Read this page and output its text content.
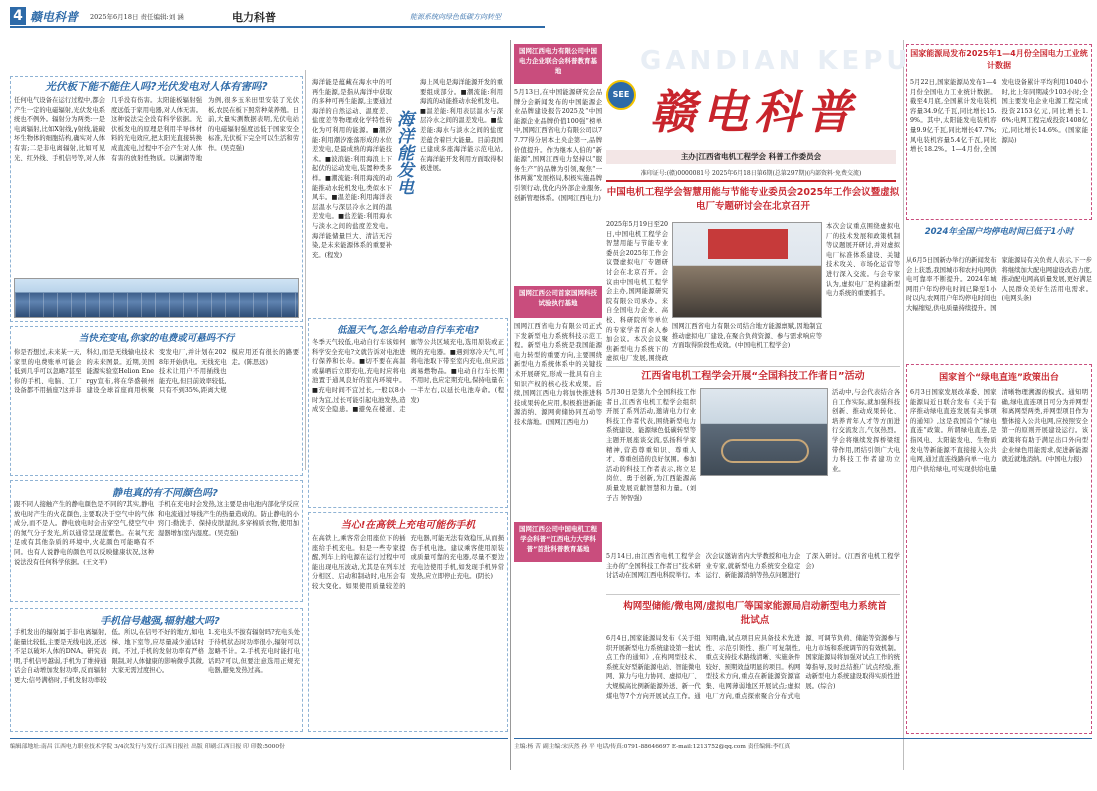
4 赣电科普 2025年6月18日 责任编辑:刘 涵	电力科普	能源系统向绿色低碳方向转型
光伏板下能不能住人吗?光伏发电对人体有害吗?
任何电气设备在运行过程中,都会产生一定的电磁辐射,光伏发电系统也不例外。辐射分为两类:一是电离辐射,比如X射线,γ射线,能破坏生物体的细胞结构,确实对人体有害;二是非电离辐射,比如可见光、红外线、手机信号等,对人体几乎没有伤害。太阳能板辐射强度远低于家用电器,对人体无害。这种说法完全没有科学依据。光伏板发电的原理是利用半导体材料的光电效应,把太阳光直接转换成直流电,过程中不会产生对人体有害的放射性物质。以澜湖等地为例,很多玉米田里安装了光伏板,农民在板下照常种菜养殖。日前,大量实测数据表明,光伏电站的电磁辐射强度远低于国家安全标准,光伏板下完全可以生活和劳作。(吴克强)	海洋能发电
海洋能是蕴藏在海水中的可再生能源,是指从海洋中获取的多种可再生能源,主要通过海洋的自然运动、温度差、盐度差等物理或化学特性转化为可利用的能源。■潮汐能:利用潮汐涨落形成的水位差发电,是最成熟的海洋能技术。■波浪能:利用海浪上下起伏的运动发电,装置种类多样。■潮流能:利用海流的动能推动水轮机发电,类似水下风车。■温差能:利用海洋表层温水与深层冷水之间的温差发电。■盐差能:利用海水与淡水之间的盐度差发电。海洋能储量巨大、清洁无污染,是未来能源体系的重要补充。(程发)
海上风电是海洋能源开发的重要组成部分。■潮流能:利用海流的动能推动水轮机发电。■温差能:利用表层温水与深层冷水之间的温差发电。■盐差能:海水与淡水之间的盐度差蕴含着巨大能量。目前我国已建成多座海洋能示范电站,在海洋能开发利用方面取得积极进展。
低温天气,怎么给电动自行车充电?
冬季天气较低,电动自行车该如何科学安全充电?文就告诉对电池进行保养和长寿。■切不要在高温或暴晒后立即充电,充电时应将电池置于通风良好的室内环境中。■充电时间不宜过长,一般以8小时为宜,过长可能引起电池发热,造成安全隐患。■避免在楼道、走廊等公共区域充电,选用原装或正规的充电器。■遇到寒冷天气,可将电池取下带至室内充电,但应远离易燃物品。■电动自行车长期不用时,也应定期充电,保持电量在一半左右,以延长电池寿命。(程发)
当快充变电,你家的电费或可悬吗不行
你是否想过,未来某一天,家里的电费账单可能会低到几乎可以忽略?甚至你的手机、电脑、工厂设备都不用插座?这并非科幻,而是无线输电技术的未来图景。近期,美国能源实验室Helion Energy宣布,将在华盛顿州建设全球首座商用核聚变发电厂,并计划在2028年开始供电。无线充电技术让用户不用插线也能充电,但目前效率较低,只有不到35%,距离大规模应用还有很长的路要走。(陈思远)
静电真的有不同颜色吗?
跟不同人接触产生的静电颜色是不同的?其实,静电放电时产生的火花颜色,主要取决于空气中的气体成分,而不是人。静电放电时会击穿空气,使空气中的氮气分子发光,所以通常呈现蓝紫色。在氧气充足或有其他杂质的环境中,火花颜色可能略有不同。也有人说静电的颜色可以反映健康状况,这种说法没有任何科学依据。(王文平)
手机在充电时会发热,这主要是由电池内部化学反应和电流通过导线产生的热量造成的。防止静电的小窍门:勤洗手、保持皮肤湿润,多穿棉质衣物,使用加湿器增加室内湿度。(吴克强)
手机信号越强,辐射越大吗?
手机发出的辐射属于非电离辐射,能量比较低,主要是无线电波,还远不足以破坏人体的DNA。研究表明,手机信号越弱,手机为了维持通话会自动增加发射功率,反而辐射更大;信号满格时,手机发射功率较低。所以,在信号不好的地方,如电梯、地下室等,应尽量减少通话时间。不过,手机的发射功率有严格限制,对人体健康的影响微乎其微,大家无需过度担心。
1.充电头不拔有辐射吗?充电头处于待机状态时功率很小,辐射可以忽略不计。2.手机充电时能打电话吗?可以,但要注意选用正规充电器,避免发热过高。
当心!在高铁上充电可能伤手机
在高铁上,乘客常会用座位下的插座给手机充电。但是一些专家提醒,列车上的电源在运行过程中可能出现电压波动,尤其是在列车过分相区、启动和制动时,电压会有较大变化。如果使用质量较差的充电器,可能无法有效稳压,从而损伤手机电池。建议乘客使用原装或质量可靠的充电器,尽量不要边充电边使用手机,如发现手机异常发热,应立即停止充电。(阴长)
编辑部地址:南昌 江西电力职业技术学院 3/4次发行与发行:江西日报社 出版 印刷:江西日报 印 印数:5000份
国网江西电力有限公司中国电力企业联合会科普教育基地	GANDIAN KEPU
SEE 赣电科普
主办|江西省电机工程学会 科普工作委员会
准印证号:(赣)0000081号 2025年6月18日第6期(总第297期)(内部资料·免费交流)
5月13日,在中国能源研究会品牌分会新闻发布的中国能源企业品牌建设报告2025及“中国能源企业品牌价值100强”榜单中,国网江西省电力有限公司以77.77得分居本土央企第一,品牌价值提升。作为继本人伯的“新能源”,国网江西电力坚持以“服务生产”的品牌为引领,聚焦“一体两翼”发展格局,积极实施品牌引领行动,优化内外部企业服务,创新管理体系。(国网江西电力)
国网江西公司首家国网科技试验执行基地
国网江西省电力有限公司正式下发新型电力系统科技示范工程。新型电力系统是我国能源电力转型的重要方向,主要围绕新型电力系统体系中的关键技术开展研究,形成一批具有自主知识产权的核心技术成果。后续,国网江西电力将加快推进科技成果转化应用,积极推进新能源消纳、源网荷储协同互动等技术落地。(国网江西电力)
国网江西公司中国电机工程学会科普“江西电力大学科普”首批科普教育基地
中国电机工程学会智慧用能与节能专业委员会2025年工作会议暨虚拟电厂专题研讨会在北京召开
2025年5月19日至20日,中国电机工程学会智慧用能与节能专业委员会2025年工作会议暨虚拟电厂专题研讨会在北京召开。会议由中国电机工程学会主办,国网能源研究院有限公司承办。来自全国电力企业、高校、科研院所等单位的专家学者百余人参加会议。本次会议聚焦新型电力系统下的虚拟电厂发展,围绕政
本次会议重点围绕虚拟电厂的技术发展和政策机制等议题展开研讨,并对虚拟电厂标准体系建设、关键技术攻关、市场化运营等进行深入交流。与会专家认为,虚拟电厂是构建新型电力系统的重要抓手。
国网江西省电力有限公司结合地方能源禀赋,因地制宜推动虚拟电厂建设,在聚合负荷资源、参与需求响应等方面取得阶段性成效。(中国电机工程学会)
江西省电机工程学会开展“全国科技工作者日”活动
5月30日是第九个全国科技工作者日,江西省电机工程学会组织开展了系列活动,邀请电力行业科技工作者代表,围绕新型电力系统建设、能源绿色低碳转型等主题开展座谈交流,弘扬科学家精神,营造尊重知识、尊重人才、尊重创造的良好氛围。参加活动的科技工作者表示,将立足岗位、勇于创新,为江西能源高质量发展贡献智慧和力量。(刘子吉 钟智强)
活动中,与会代表结合各自工作实际,就加强科技创新、推动成果转化、培养青年人才等方面进行交流发言,气氛热烈。学会将继续发挥桥梁纽带作用,团结引领广大电力科技工作者建功立业。
5月14日,由江西省电机工程学会主办的“全国科技工作者日”技术研讨活动在国网江西电科院举行。本次会议邀请省内大学教授和电力企业专家,就新型电力系统安全稳定运行、新能源消纳等热点问题进行了深入研讨。(江西省电机工程学会)
构网型储能/微电网/虚拟电厂等国家能源局启动新型电力系统首批试点
6月4日,国家能源局发布《关于组织开展新型电力系统建设第一批试点工作的通知》,在构网型技术、系统友好型新能源电站、智能微电网、算力与电力协同、虚拟电厂、大规模高比例新能源外送、新一代煤电等7个方向开展试点工作。通知明确,试点项目应具备技术先进性、示范引领性、推广可复制性,重点支持技术路线清晰、实施条件较好、预期效益明显的项目。构网型技术方向,重点在新能源资源富集、电网薄弱地区开展试点;虚拟电厂方向,重点探索聚合分布式电源、可调节负荷、储能等资源参与电力市场和系统调节的有效机制。国家能源局将加强对试点工作的统筹指导,及时总结推广试点经验,推动新型电力系统建设取得实质性进展。(综合)
国家能源局发布2025年1—4月份全国电力工业统计数据
5月22日,国家能源局发布1—4月份全国电力工业统计数据。截至4月底,全国累计发电装机容量34.9亿千瓦,同比增长15.9%。其中,太阳能发电装机容量9.9亿千瓦,同比增长47.7%;风电装机容量5.4亿千瓦,同比增长18.2%。1—4月份,全国发电设备累计平均利用1040小时,比上年同期减少103小时;全国主要发电企业电源工程完成投资2153亿元,同比增长1.6%;电网工程完成投资1408亿元,同比增长14.6%。(国家能源局)
2024年全国户均停电时间已低于1小时
从6月5日国新办举行的新闻发布会上获悉,我国城市和农村电网供电可靠率不断提升。2024年城网用户年均停电时间已降至1小时以内,农网用户年均停电时间也大幅缩短,供电质量持续提升。国家能源局有关负责人表示,下一步将继续加大配电网建设改造力度,推动配电网高质量发展,更好满足人民群众美好生活用电需求。(电网头条)
国家首个“绿电直连”政策出台
6月3日国家发展改革委、国家能源局近日联合发布《关于有序推动绿电直连发展有关事项的通知》,这是我国首个“绿电直连”政策。所谓绿电直连,是指风电、太阳能发电、生物质发电等新能源不直接接入公共电网,通过直连线路向单一电力用户供给绿电,可实现供给电量清晰物理溯源的模式。通知明确,绿电直连项目可分为并网型和离网型两类,并网型项目作为整体接入公共电网,应按照安全第一的原则开展建设运行。该政策将有助于满足出口外向型企业绿色用能需求,促进新能源就近就地消纳。(中国电力报)
主编:杨 苦 副主编:宋庆然 孙 平 电话/传真:0791-88646697 E-mail:1213752@qq.com 责任编辑:李红真
